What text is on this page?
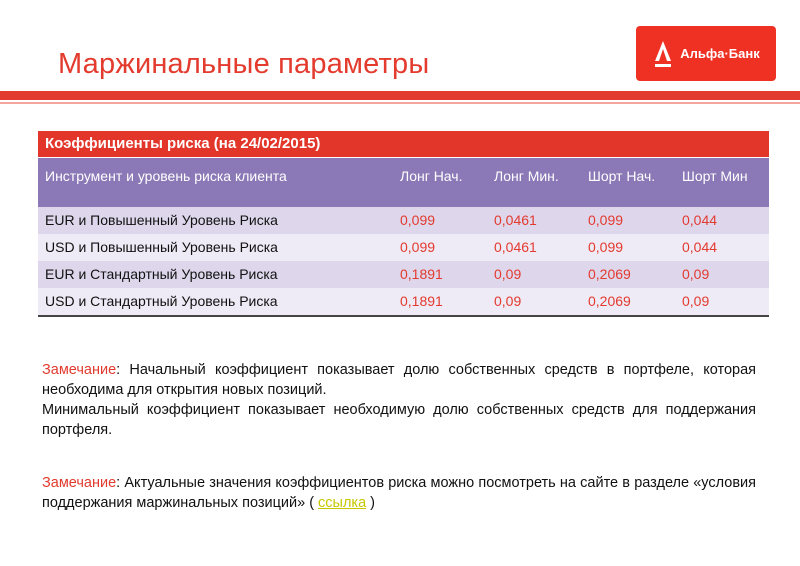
Маржинальные параметры	Альфа·Банк
Коэффициенты риска (на 24/02/2015)
Инструмент и уровень риска клиента	Лонг Нач.	Лонг Мин.	Шорт Нач.	Шорт Мин
EUR и Повышенный Уровень Риска	0,099	0,0461	0,099	0,044
USD и Повышенный Уровень Риска	0,099	0,0461	0,099	0,044
EUR и Стандартный Уровень Риска	0,1891	0,09	0,2069	0,09
USD и Стандартный Уровень Риска	0,1891	0,09	0,2069	0,09
Замечание: Начальный коэффициент показывает долю собственных средств в портфеле, которая необходима для открытия новых позиций.
Минимальный коэффициент показывает необходимую долю собственных средств для поддержания портфеля.
Замечание: Актуальные значения коэффициентов риска можно посмотреть на сайте в разделе «условия поддержания маржинальных позиций» ( ссылка )
